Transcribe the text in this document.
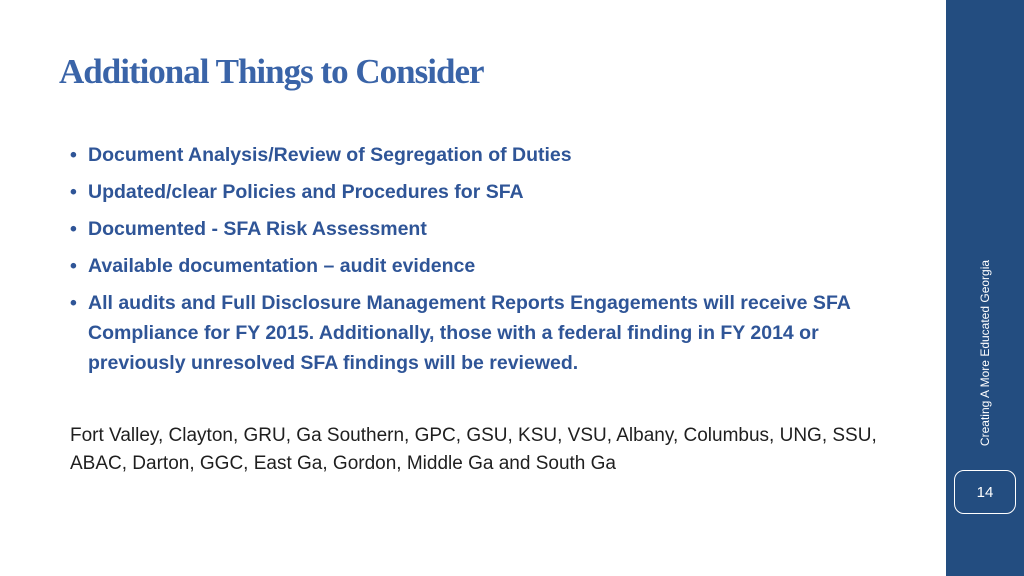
Additional Things to Consider
• Document Analysis/Review of Segregation of Duties
• Updated/clear Policies and Procedures for SFA
• Documented - SFA Risk Assessment
• Available documentation – audit evidence
• All audits and Full Disclosure Management Reports Engagements will receive SFA Compliance for FY 2015. Additionally, those with a federal finding in FY 2014 or previously unresolved SFA findings will be reviewed.

Fort Valley, Clayton, GRU, Ga Southern, GPC, GSU, KSU, VSU, Albany, Columbus, UNG, SSU, ABAC, Darton, GGC, East Ga, Gordon, Middle Ga and South Ga

Creating A More Educated Georgia
14
